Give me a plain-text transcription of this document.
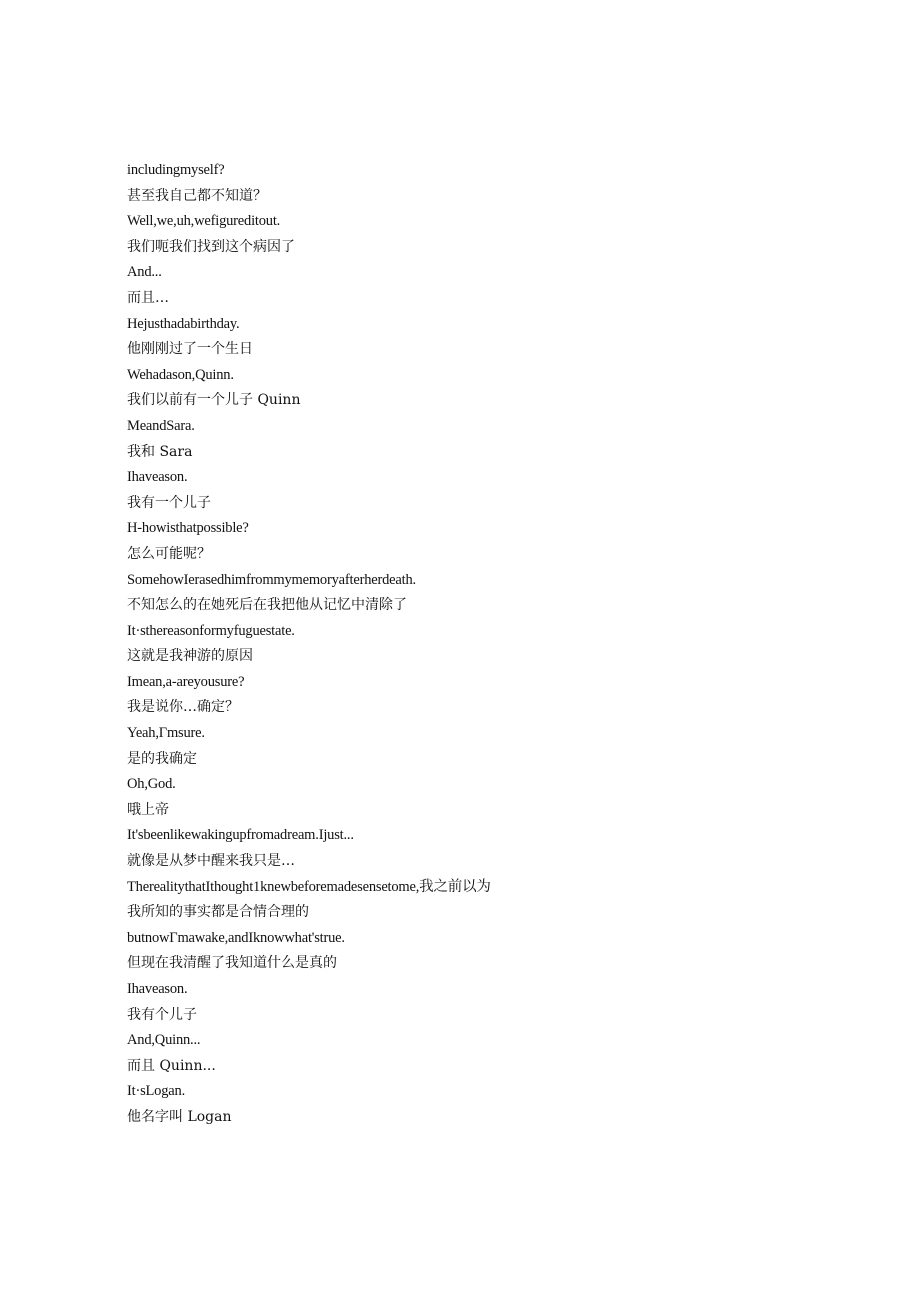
includingmyself?
甚至我自己都不知道？
Well,we,uh,wefigureditout.
我们呃我们找到这个病因了
And...
而且…
Hejusthadabirthday.
他刚刚过了一个生日
Wehadason,Quinn.
我们以前有一个儿子 Quinn
MeandSara.
我和 Sara
Ihaveason.
我有一个儿子
H-howisthatpossible?
怎么可能呢？
SomehowIerasedhimfrommymemoryafterherdeath.
不知怎么的在她死后在我把他从记忆中清除了
It·sthereasonformyfuguestate.
这就是我神游的原因
Imean,a-areyousure?
我是说你…确定？
Yeah,Γmsure.
是的我确定
Oh,God.
哦上帝
It'sbeenlikewakingupfromadream.Ijust...
就像是从梦中醒来我只是…
TherealitythatIthought1knewbeforemadesensetome,我之前以为
我所知的事实都是合情合理的
butnowΓmawake,andIknowwhat'strue.
但现在我清醒了我知道什么是真的
Ihaveason.
我有个儿子
And,Quinn...
而且 Quinn...
It·sLogan.
他名字叫 Logan
